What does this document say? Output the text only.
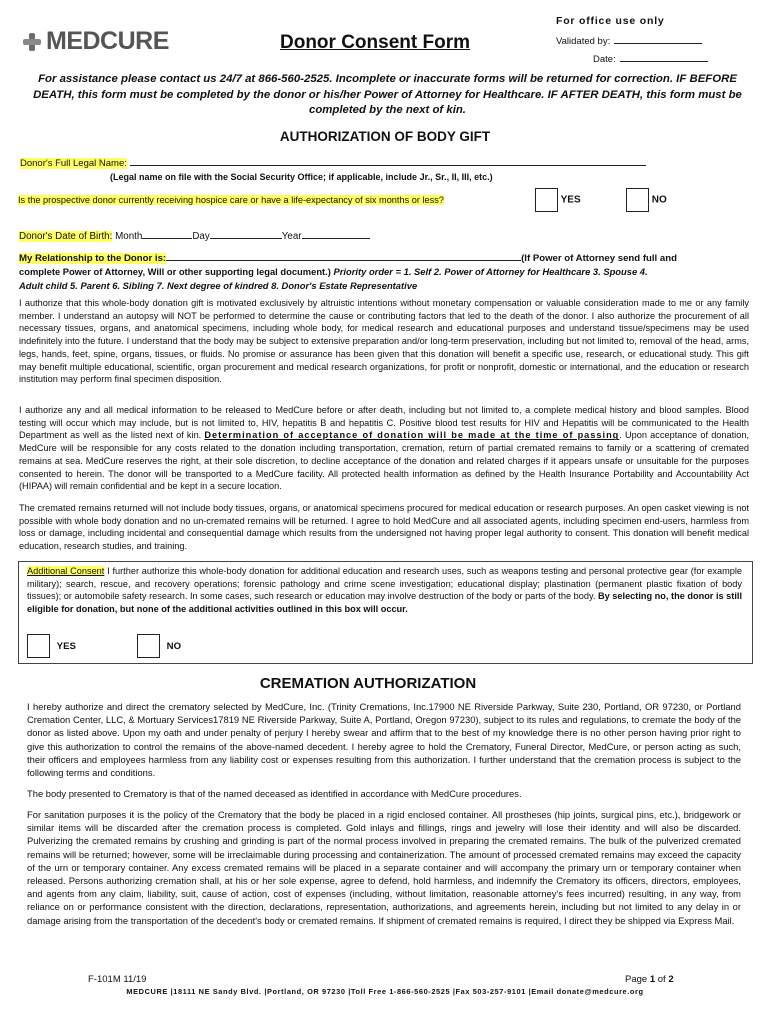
MEDCURE	Donor Consent Form
For office use only
Validated by:
Date:
For assistance please contact us 24/7 at 866-560-2525. Incomplete or inaccurate forms will be returned for correction. IF BEFORE DEATH, this form must be completed by the donor or his/her Power of Attorney for Healthcare. IF AFTER DEATH, this form must be completed by the next of kin.
AUTHORIZATION OF BODY GIFT
Donor's Full Legal Name:
(Legal name on file with the Social Security Office; if applicable, include Jr., Sr., II, III, etc.)
Is the prospective donor currently receiving hospice care or have a life-expectancy of six months or less?	YES	NO
Donor's Date of Birth: Month	Day	Year
My Relationship to the Donor is:	(If Power of Attorney send full and
complete Power of Attorney, Will or other supporting legal document.) Priority order = 1. Self 2. Power of Attorney for Healthcare 3. Spouse 4.
Adult child 5. Parent 6. Sibling 7. Next degree of kindred 8. Donor's Estate Representative
I authorize that this whole-body donation gift is motivated exclusively by altruistic intentions without monetary compensation or valuable consideration made to me or any family member. I understand an autopsy will NOT be performed to determine the cause or contributing factors that led to the death of the donor. I also authorize the procurement of all necessary tissues, organs, and anatomical specimens, including whole body, for medical research and educational purposes and understand tissue/specimens may be used indefinitely into the future. I understand that the body may be subject to extensive preparation and/or long-term preservation, including but not limited to, removal of the head, arms, legs, hands, feet, spine, organs, tissues, or fluids. No promise or assurance has been given that this donation will benefit a specific use, research, or educational study. This gift may benefit multiple educational, scientific, organ procurement and medical research organizations, for profit or nonprofit, domestic or international, and the education or research institution may perform final specimen disposition.
I authorize any and all medical information to be released to MedCure before or after death, including but not limited to, a complete medical history and blood samples. Blood testing will occur which may include, but is not limited to, HIV, hepatitis B and hepatitis C. Positive blood test results for HIV and Hepatitis will be communicated to the Health Department as well as the listed next of kin. Determination of acceptance of donation will be made at the time of passing. Upon acceptance of donation, MedCure will be responsible for any costs related to the donation including transportation, cremation, return of partial cremated remains to family or a scattering of cremated remains at sea. MedCure reserves the right, at their sole discretion, to decline acceptance of the donation and related charges if it appears unsafe or unsuitable for the purposes consented to herein. The donor will be transported to a MedCure facility. All protected health information as defined by the Health Insurance Portability and Accountability Act (HIPAA) will remain confidential and be kept in a secure location.
The cremated remains returned will not include body tissues, organs, or anatomical specimens procured for medical education or research purposes. An open casket viewing is not possible with whole body donation and no un-cremated remains will be returned. I agree to hold MedCure and all associated agents, including specimen end-users, harmless from loss or damage, including incidental and consequential damage which results from the undersigned not having proper legal authority to consent. This donation will benefit medical education, research studies, and training.
Additional Consent I further authorize this whole-body donation for additional education and research uses, such as weapons testing and personal protective gear (for example military); search, rescue, and recovery operations; forensic pathology and crime scene investigation; educational display; plastination (permanent plastic fixation of body tissues); or automobile safety research. In some cases, such research or education may involve destruction of the body or parts of the body. By selecting no, the donor is still eligible for donation, but none of the additional activities outlined in this box will occur.
YES	NO
CREMATION AUTHORIZATION
I hereby authorize and direct the crematory selected by MedCure, Inc. (Trinity Cremations, Inc.17900 NE Riverside Parkway, Suite 230, Portland, OR 97230, or Portland Cremation Center, LLC, & Mortuary Services17819 NE Riverside Parkway, Suite A, Portland, Oregon 97230), subject to its rules and regulations, to cremate the body of the donor as listed above. Upon my oath and under penalty of perjury I hereby swear and affirm that to the best of my knowledge there is no other person having prior right to give this authorization to control the remains of the above-named decedent. I hereby agree to hold the Crematory, Funeral Director, MedCure, or person acting as such, their officers and employees harmless from any liability cost or expenses resulting from this authorization. I further understand that the cremation process is subject to the following terms and conditions.
The body presented to Crematory is that of the named deceased as identified in accordance with MedCure procedures.
For sanitation purposes it is the policy of the Crematory that the body be placed in a rigid enclosed container. All prostheses (hip joints, surgical pins, etc.), bridgework or similar items will be discarded after the cremation process is completed. Gold inlays and fillings, rings and jewelry will lose their identity and will also be discarded. Pulverizing the cremated remains by crushing and grinding is part of the normal process involved in preparing the cremated remains. The bulk of the pulverized cremated remains will be returned; however, some will be irreclaimable during processing and containerization. The amount of processed cremated remains may exceed the capacity of the urn or temporary container. Any excess cremated remains will be placed in a separate container and will accompany the primary urn or temporary container when released. Persons authorizing cremation shall, at his or her sole expense, agree to defend, hold harmless, and indemnify the Crematory its officers, directors, employees, and agents from any claim, liability, suit, cause of action, cost of expenses (including, without limitation, reasonable attorney's fees incurred) resulting, in any way, from reliance on or performance consistent with the direction, declarations, representation, authorizations, and agreements herein, including but not limited to any delay in or damage arising from the transportation of the decedent's body or cremated remains. If shipment of cremated remains is required, I direct they be shipped via Express Mail.
F-101M 11/19	Page 1 of 2
MEDCURE |18111 NE Sandy Blvd. |Portland, OR 97230 |Toll Free 1-866-560-2525 |Fax 503-257-9101 |Email donate@medcure.org
